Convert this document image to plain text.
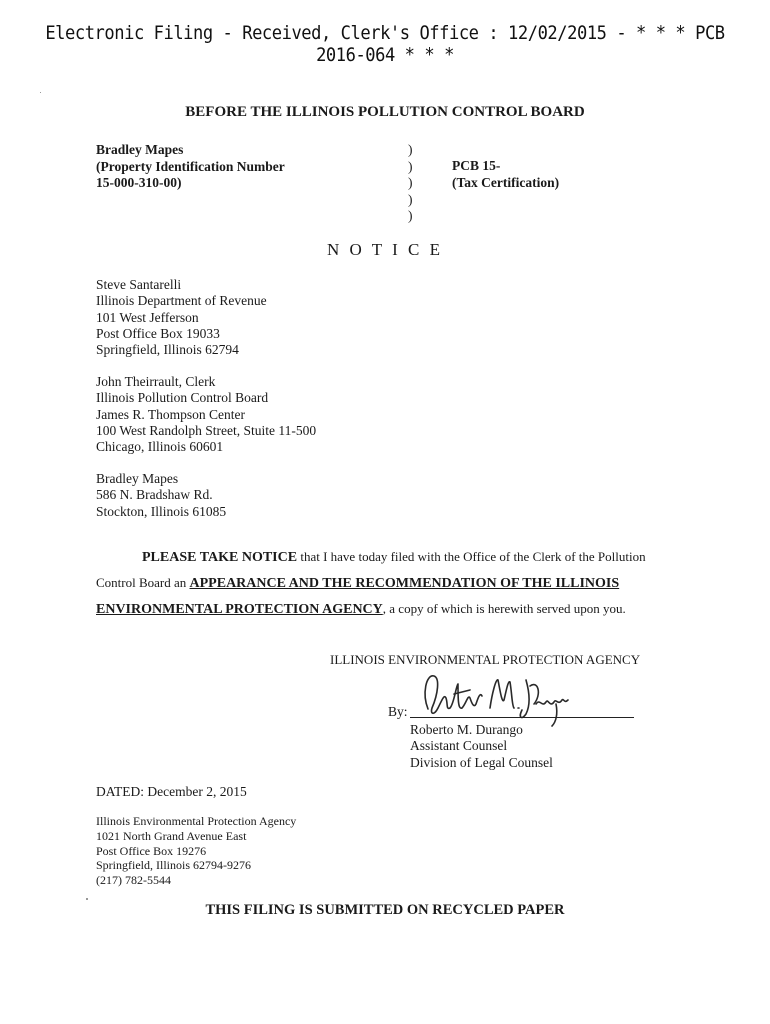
Electronic Filing - Received, Clerk's Office : 12/02/2015 - * * * PCB 2016-064 * * *
BEFORE THE ILLINOIS POLLUTION CONTROL BOARD
Bradley Mapes
(Property Identification Number
15-000-310-00)
)
)
)
)
)
PCB 15-
(Tax Certification)
N O T I C E
Steve Santarelli
Illinois Department of Revenue
101 West Jefferson
Post Office Box 19033
Springfield, Illinois 62794
John Theirrault, Clerk
Illinois Pollution Control Board
James R. Thompson Center
100 West Randolph Street, Stuite 11-500
Chicago, Illinois 60601
Bradley Mapes
586 N. Bradshaw Rd.
Stockton, Illinois 61085
PLEASE TAKE NOTICE that I have today filed with the Office of the Clerk of the Pollution
Control Board an APPEARANCE AND THE RECOMMENDATION OF THE ILLINOIS
ENVIRONMENTAL PROTECTION AGENCY, a copy of which is herewith served upon you.
ILLINOIS ENVIRONMENTAL PROTECTION AGENCY
By:
Roberto M. Durango
Assistant Counsel
Division of Legal Counsel
DATED: December 2, 2015
Illinois Environmental Protection Agency
1021 North Grand Avenue East
Post Office Box 19276
Springfield, Illinois 62794-9276
(217) 782-5544
THIS FILING IS SUBMITTED ON RECYCLED PAPER
